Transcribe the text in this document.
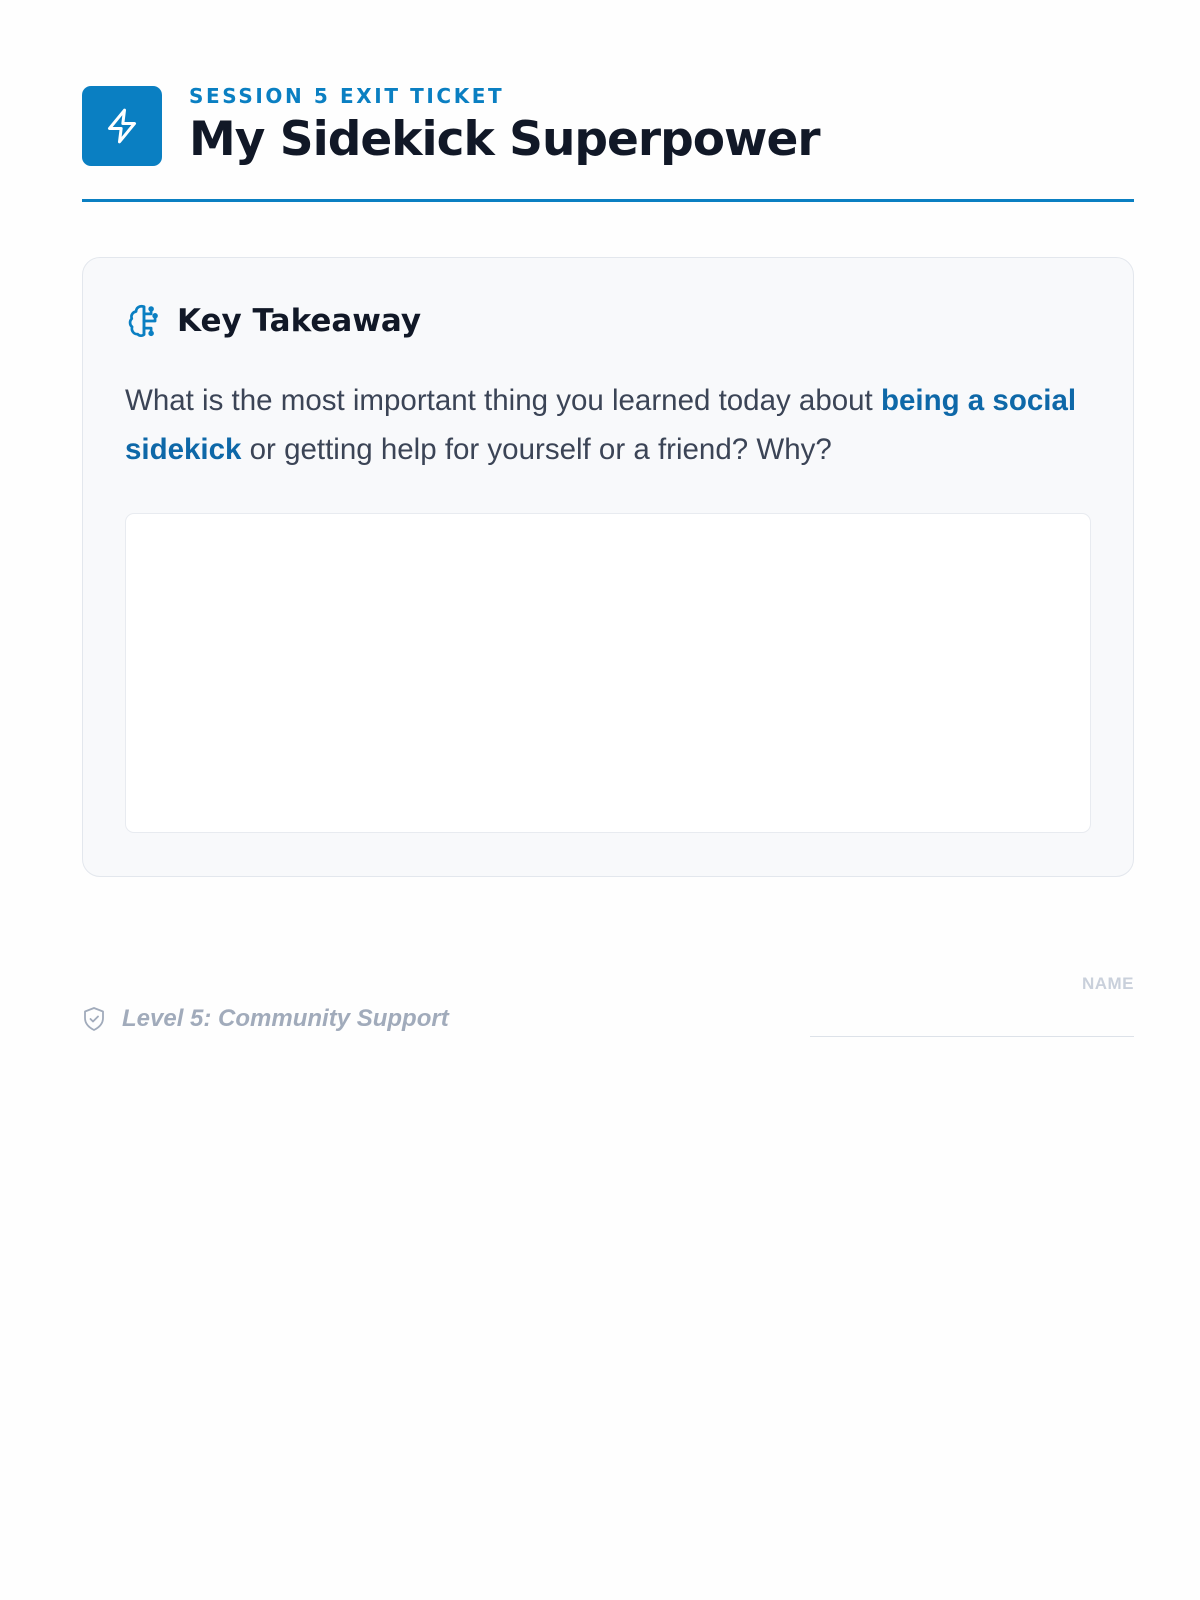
SESSION 5 EXIT TICKET
My Sidekick Superpower
Key Takeaway

What is the most important thing you learned today about being a social sidekick or getting help for yourself or a friend? Why?

Level 5: Community Support
NAME
